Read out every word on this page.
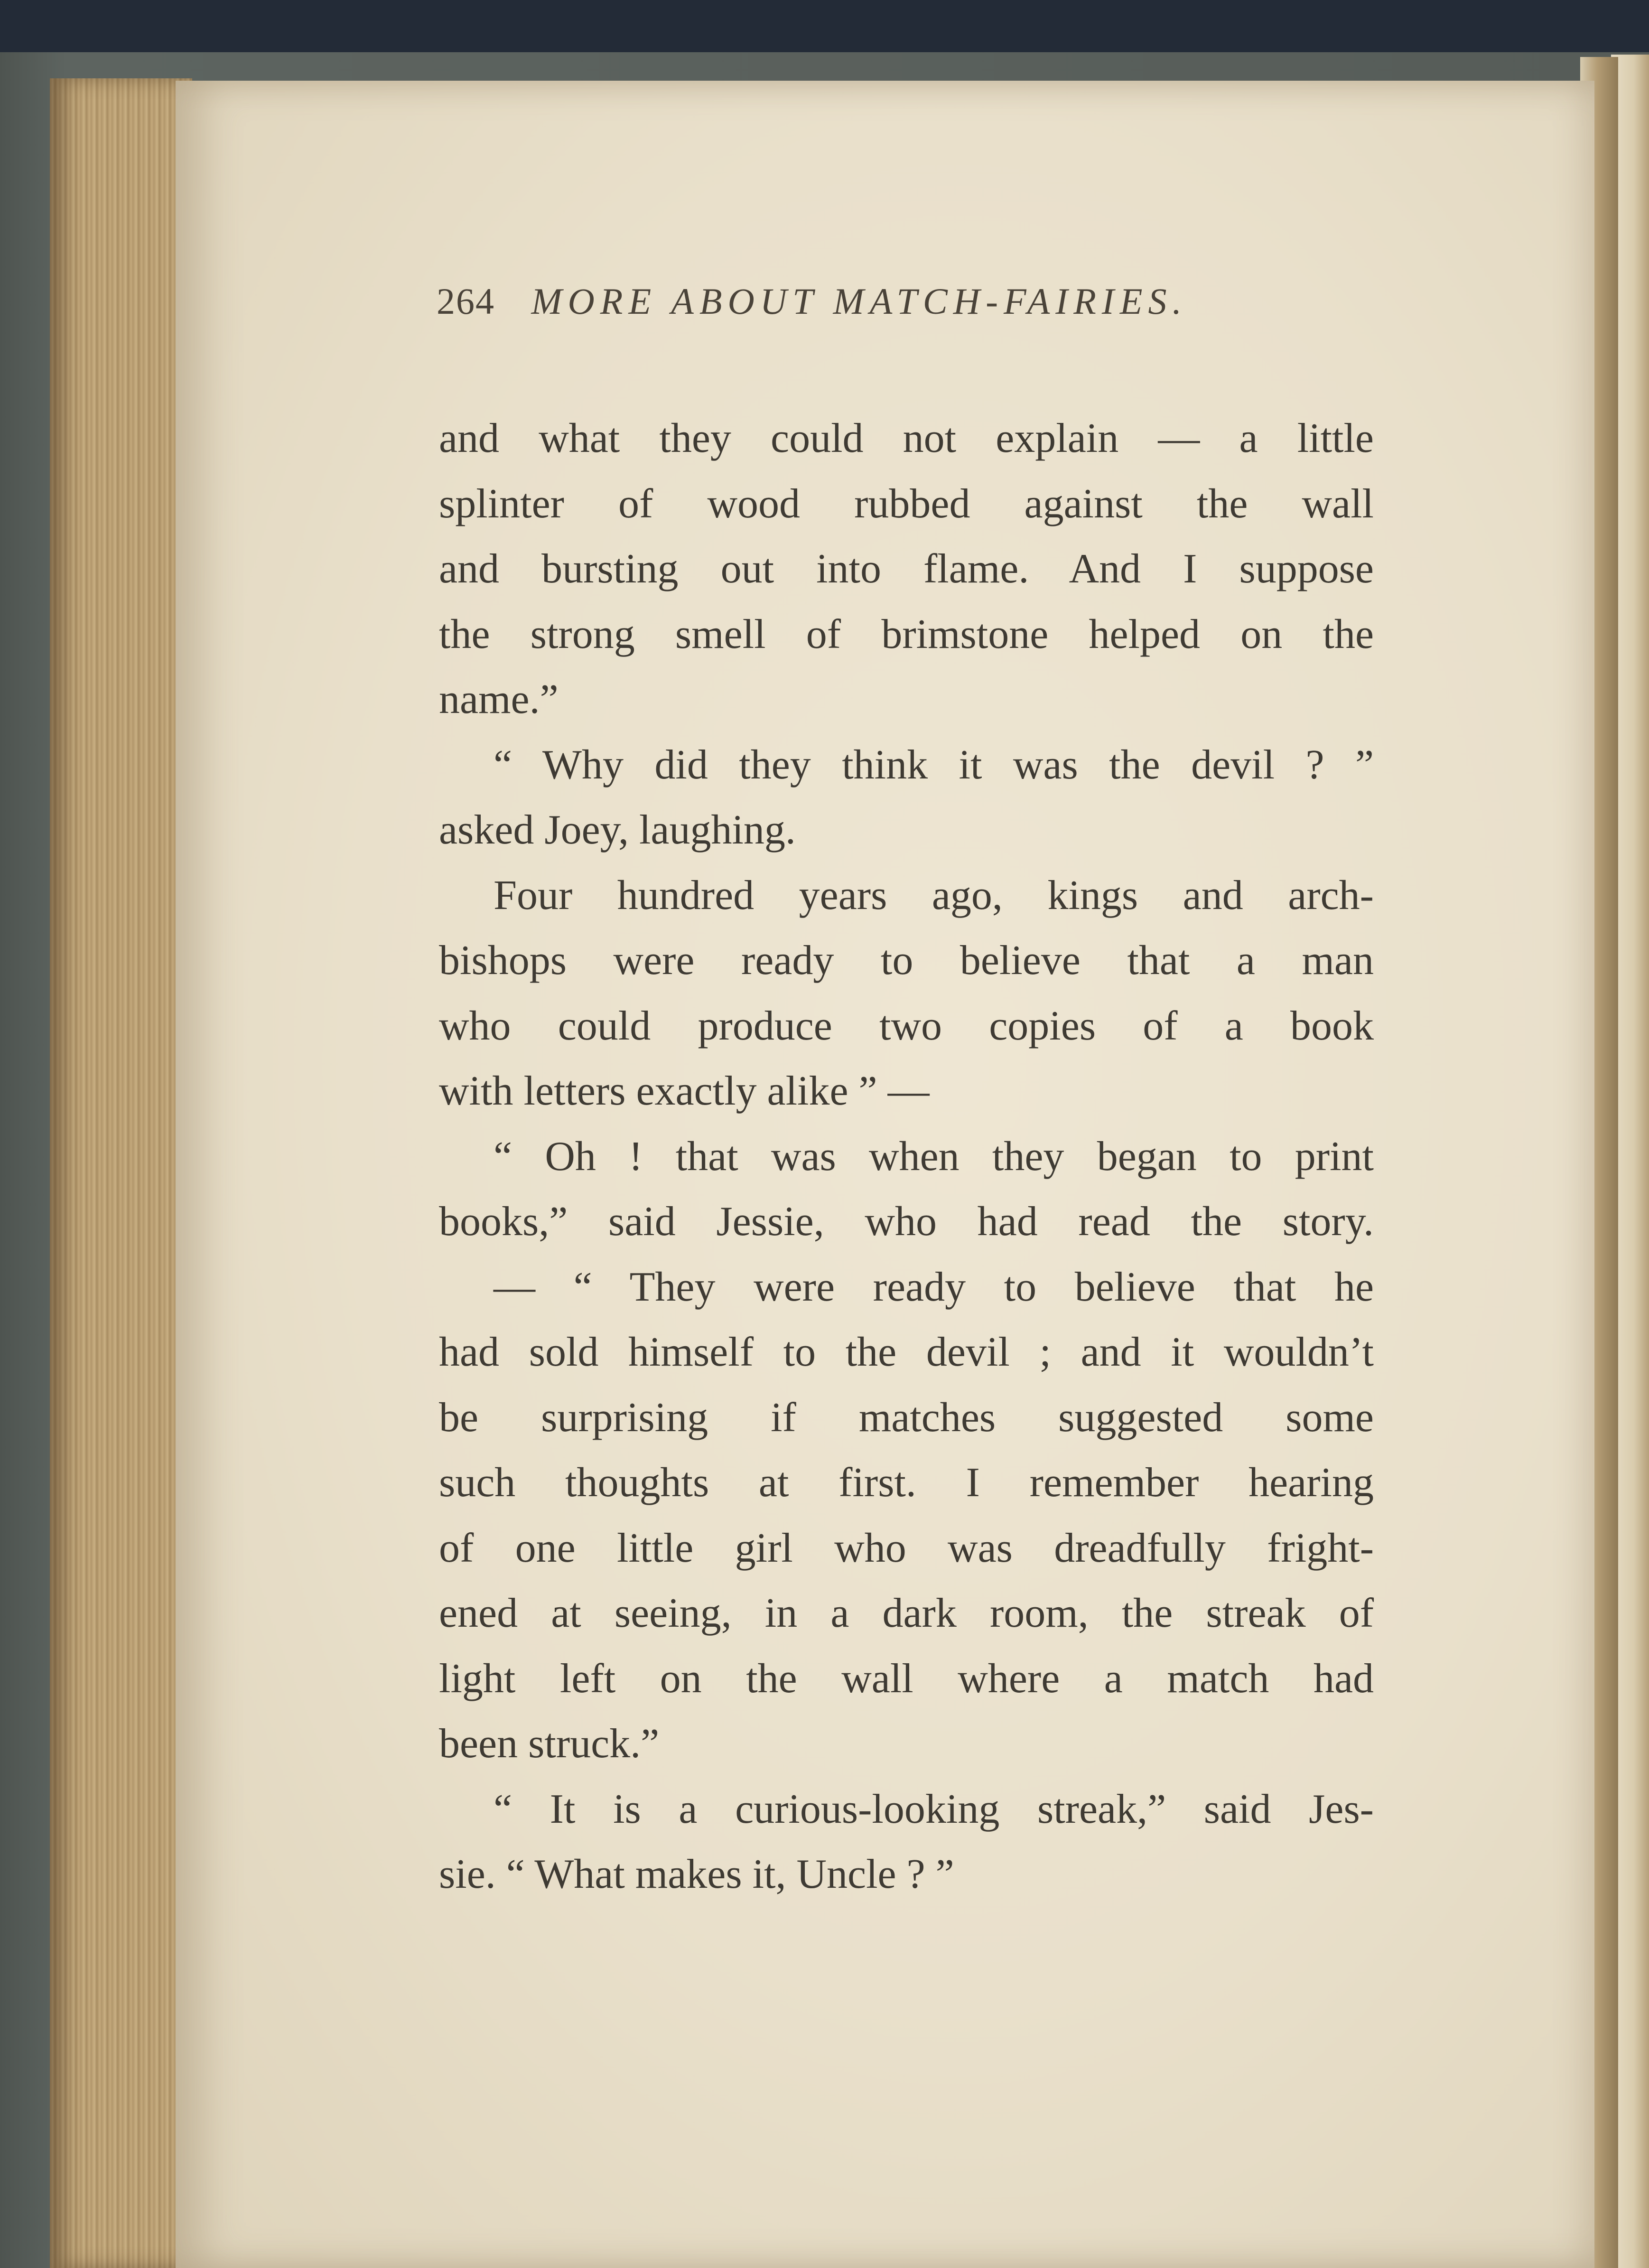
264 MORE ABOUT MATCH-FAIRIES.
and what they could not explain — a little
splinter of wood rubbed against the wall
and bursting out into flame. And I suppose
the strong smell of brimstone helped on the
name.”
“ Why did they think it was the devil ? ”
asked Joey, laughing.
Four hundred years ago, kings and arch-
bishops were ready to believe that a man
who could produce two copies of a book
with letters exactly alike ” —
“ Oh ! that was when they began to print
books,” said Jessie, who had read the story.
— “ They were ready to believe that he
had sold himself to the devil ; and it wouldn’t
be surprising if matches suggested some
such thoughts at first. I remember hearing
of one little girl who was dreadfully fright-
ened at seeing, in a dark room, the streak of
light left on the wall where a match had
been struck.”
“ It is a curious-looking streak,” said Jes-
sie. “ What makes it, Uncle ? ”
